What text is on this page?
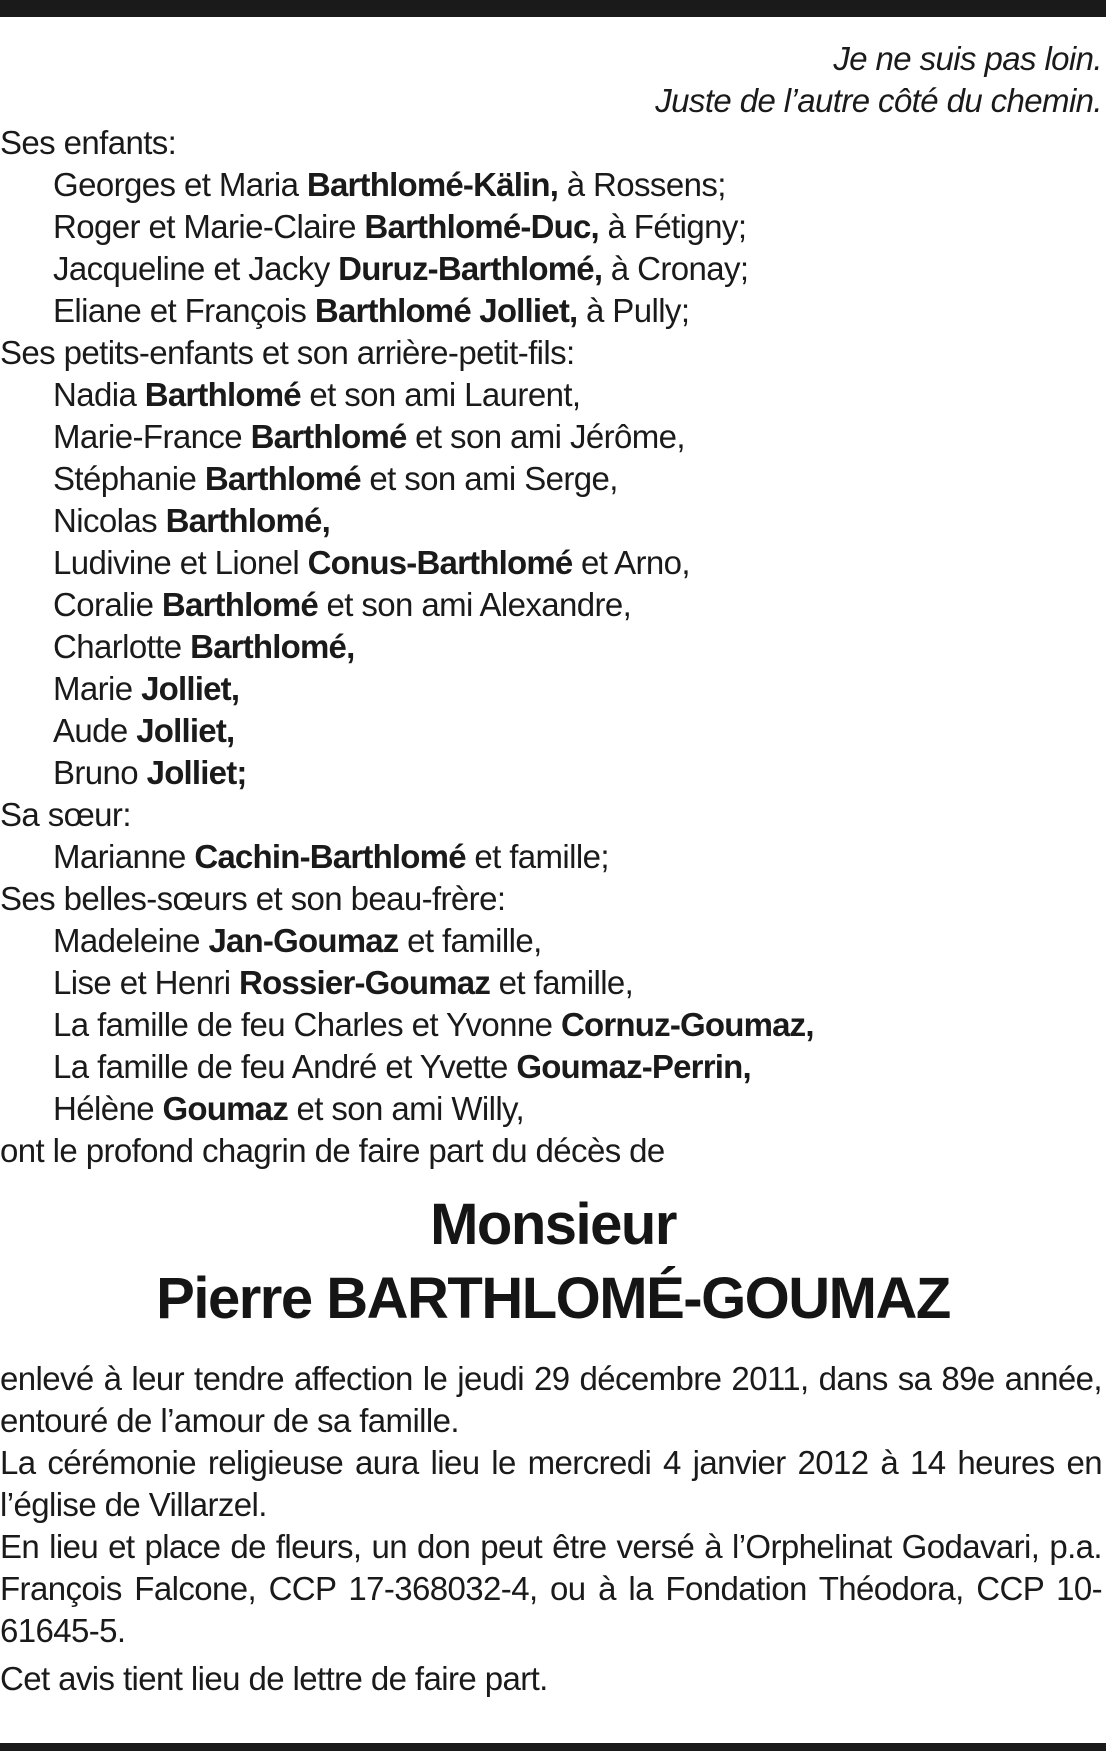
Je ne suis pas loin.
Juste de l’autre côté du chemin.
Ses enfants:
Georges et Maria Barthlomé-Kälin, à Rossens;
Roger et Marie-Claire Barthlomé-Duc, à Fétigny;
Jacqueline et Jacky Duruz-Barthlomé, à Cronay;
Eliane et François Barthlomé Jolliet, à Pully;
Ses petits-enfants et son arrière-petit-fils:
Nadia Barthlomé et son ami Laurent,
Marie-France Barthlomé et son ami Jérôme,
Stéphanie Barthlomé et son ami Serge,
Nicolas Barthlomé,
Ludivine et Lionel Conus-Barthlomé et Arno,
Coralie Barthlomé et son ami Alexandre,
Charlotte Barthlomé,
Marie Jolliet,
Aude Jolliet,
Bruno Jolliet;
Sa sœur:
Marianne Cachin-Barthlomé et famille;
Ses belles-sœurs et son beau-frère:
Madeleine Jan-Goumaz et famille,
Lise et Henri Rossier-Goumaz et famille,
La famille de feu Charles et Yvonne Cornuz-Goumaz,
La famille de feu André et Yvette Goumaz-Perrin,
Hélène Goumaz et son ami Willy,
ont le profond chagrin de faire part du décès de
Monsieur
Pierre BARTHLOMÉ-GOUMAZ
enlevé à leur tendre affection le jeudi 29 décembre 2011, dans sa 89e année, entouré de l’amour de sa famille.
La cérémonie religieuse aura lieu le mercredi 4 janvier 2012 à 14 heures en l’église de Villarzel.
En lieu et place de fleurs, un don peut être versé à l’Orphelinat Godavari, p.a. François Falcone, CCP 17-368032-4, ou à la Fondation Théodora, CCP 10-61645-5.
Cet avis tient lieu de lettre de faire part.
